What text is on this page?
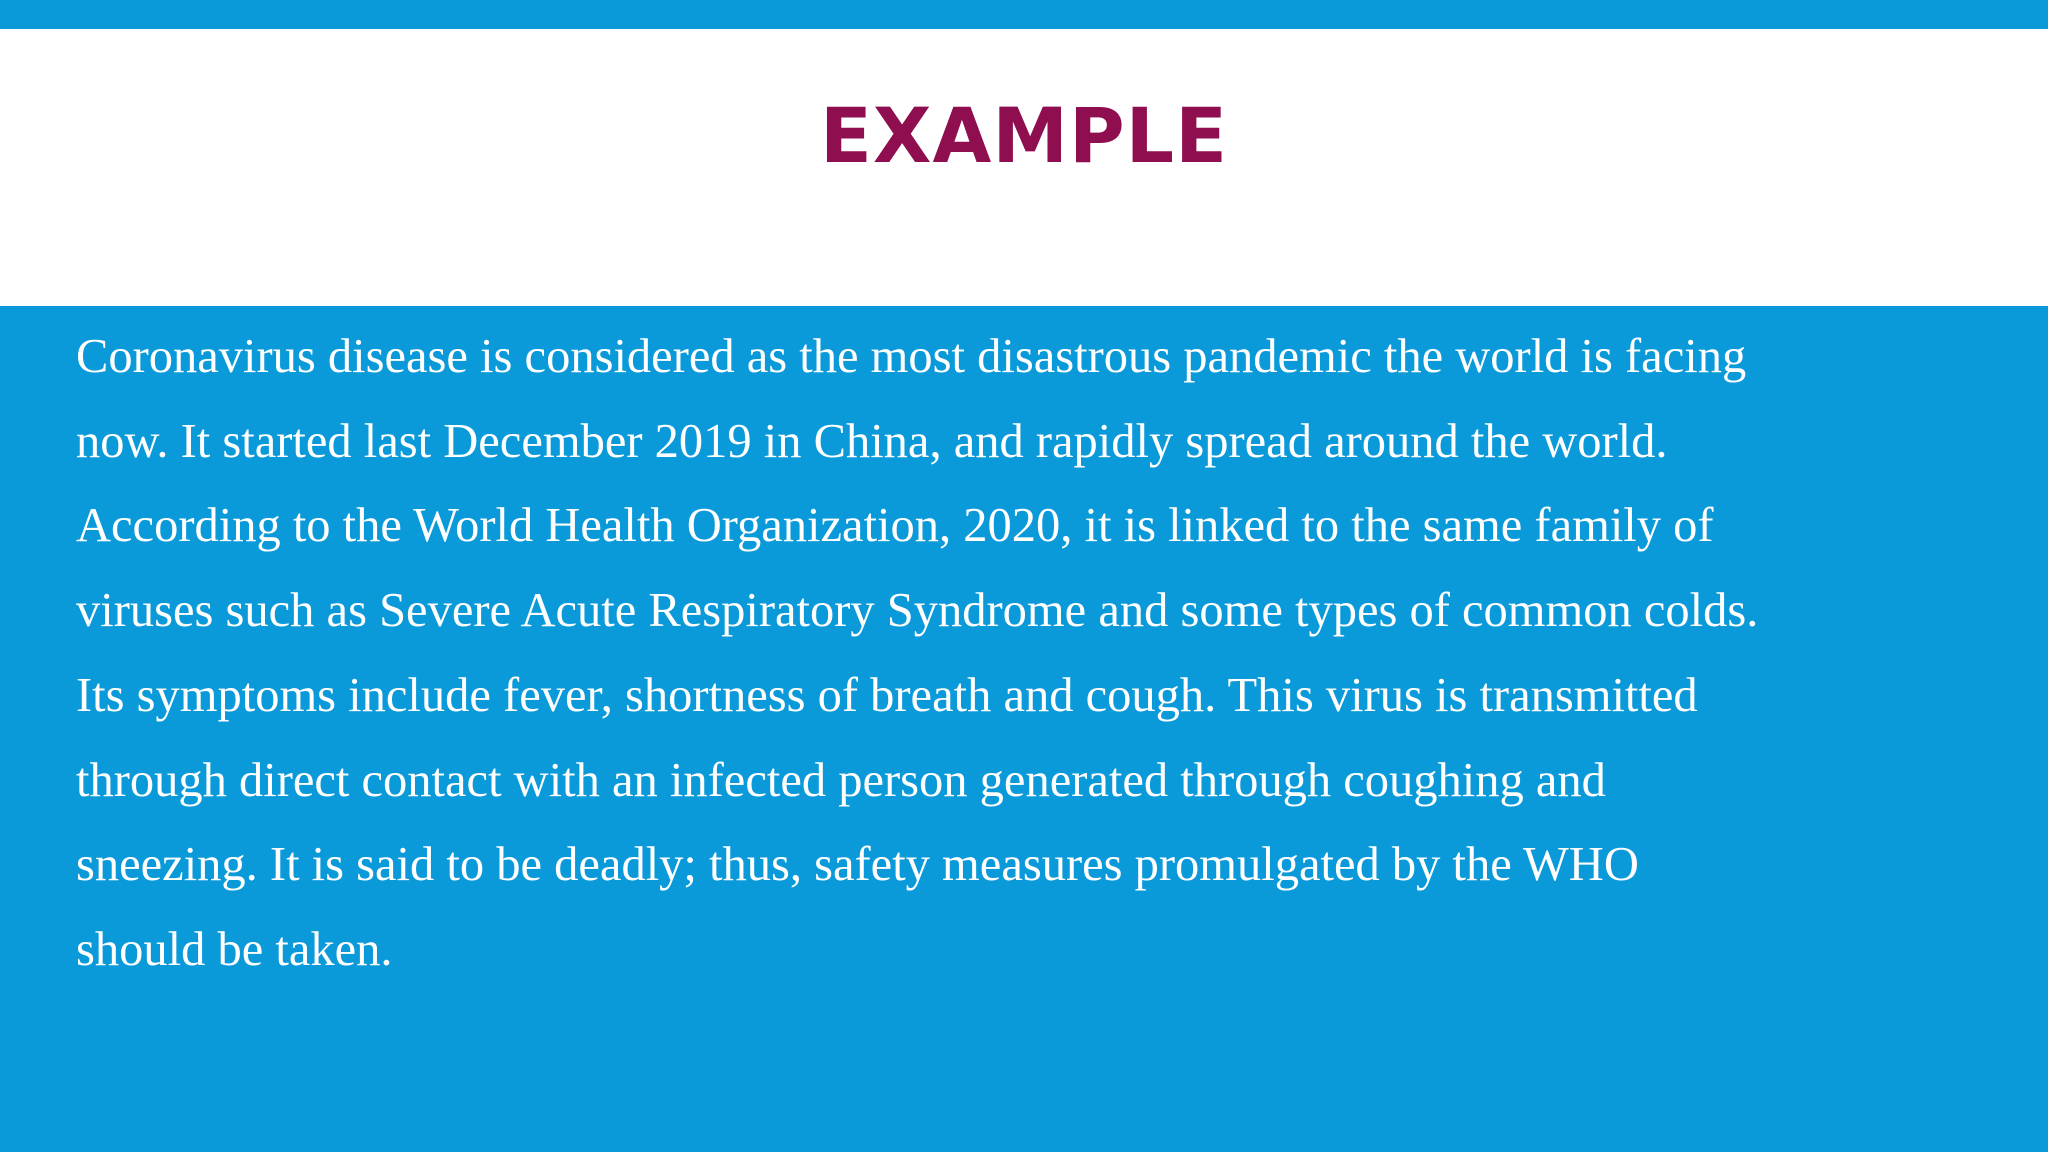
EXAMPLE
Coronavirus disease is considered as the most disastrous pandemic the world is facing
now. It started last December 2019 in China, and rapidly spread around the world.
According to the World Health Organization, 2020, it is linked to the same family of
viruses such as Severe Acute Respiratory Syndrome and some types of common colds.
Its symptoms include fever, shortness of breath and cough. This virus is transmitted
through direct contact with an infected person generated through coughing and
sneezing. It is said to be deadly; thus, safety measures promulgated by the WHO
should be taken.
